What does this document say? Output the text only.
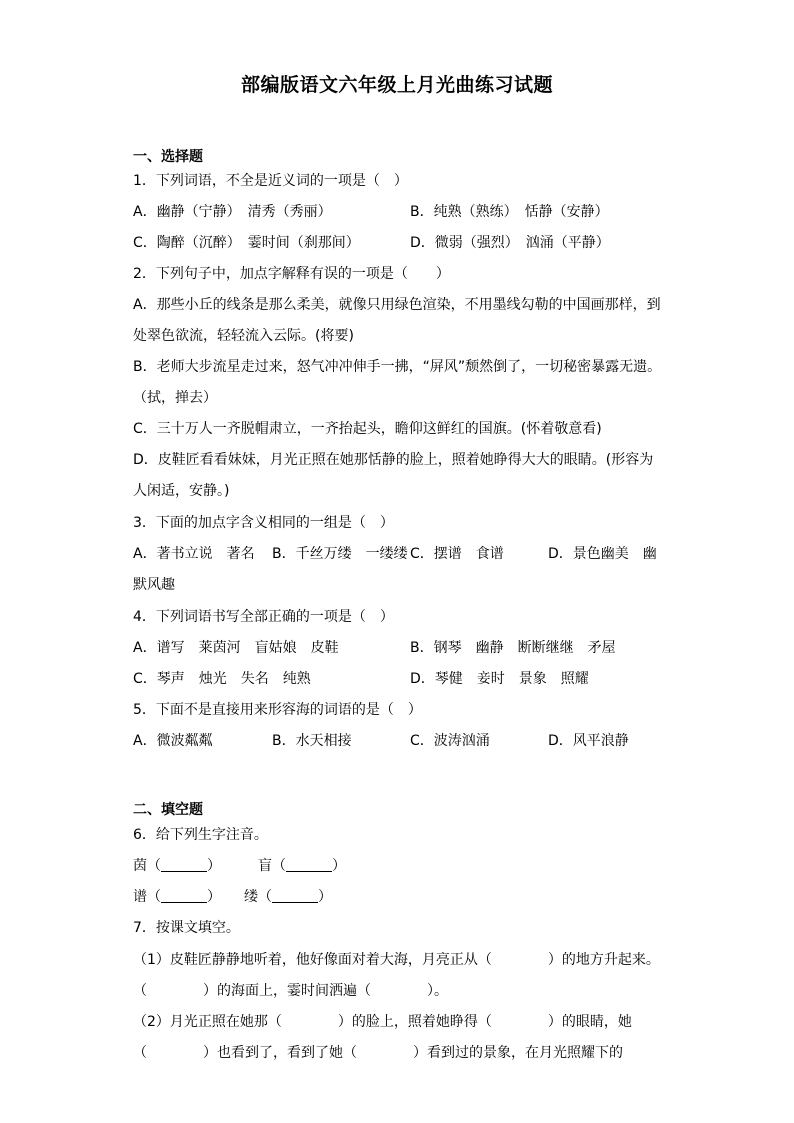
部编版语文六年级上月光曲练习试题
一、选择题
1．下列词语，不全是近义词的一项是（　）
A．幽静（宁静）　清秀（秀丽）	B．纯熟（熟练）　恬静（安静）
C．陶醉（沉醉）　霎时间（刹那间）	D．微弱（强烈）　汹涌（平静）
2．下列句子中，加点字解释有误的一项是（　　）
A．那些小丘的线条是那么柔美，就像只用绿色渲染，不用墨线勾勒的中国画那样，到
处翠色欲流，轻轻流入云际。(将要)
B．老师大步流星走过来，怒气冲冲伸手一拂，“屏风”颓然倒了，一切秘密暴露无遗。
（拭，掸去）
C．三十万人一齐脱帽肃立，一齐抬起头，瞻仰这鲜红的国旗。(怀着敬意看)
D．皮鞋匠看看妹妹，月光正照在她那恬静的脸上，照着她睁得大大的眼睛。(形容为
人闲适，安静。)
3．下面的加点字含义相同的一组是（　）
A．著书立说　著名 B．千丝万缕　一缕缕 C．摆谱　食谱	D．景色幽美　幽
默风趣
4．下列词语书写全部正确的一项是（　）
A．谱写　莱茵河　盲姑娘　皮鞋	B．钢琴　幽静　断断继继　矛屋
C．琴声　烛光　失名　纯熟	D．琴健　妾时　景象　照耀
5．下面不是直接用来形容海的词语的是（　）
A．微波粼粼	B．水天相接	C．波涛汹涌	D．风平浪静
二、填空题
6．给下列生字注音。
茵（	）	盲（	）
谱（	） 缕（	）
7．按课文填空。
（1）皮鞋匠静静地听着，他好像面对着大海，月亮正从（　　　　）的地方升起来。
（　　　　）的海面上，霎时间洒遍（　　　　）。
（2）月光正照在她那（　　　　）的脸上，照着她睁得（　　　　）的眼睛，她
（　　　　）也看到了，看到了她（　　　　）看到过的景象，在月光照耀下的
